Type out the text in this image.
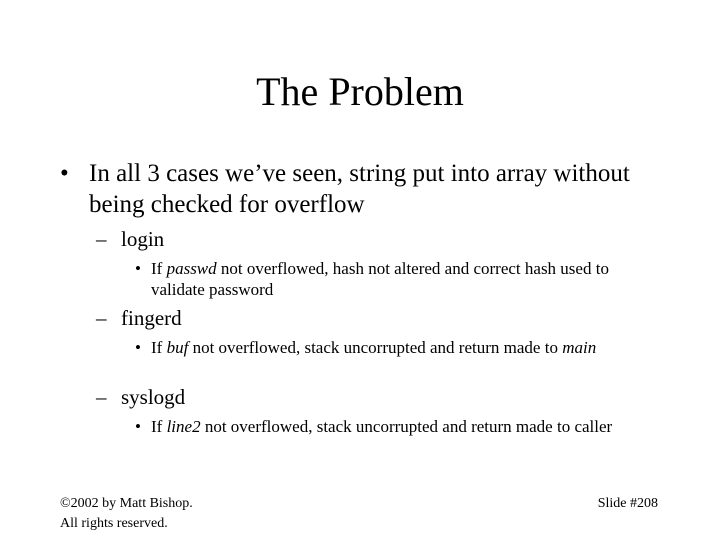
The Problem
• In all 3 cases we’ve seen, string put into array without being checked for overflow
– login
• If passwd not overflowed, hash not altered and correct hash used to validate password
– fingerd
• If buf not overflowed, stack uncorrupted and return made to main
– syslogd
• If line2 not overflowed, stack uncorrupted and return made to caller
©2002 by Matt Bishop.
All rights reserved.
Slide #208
